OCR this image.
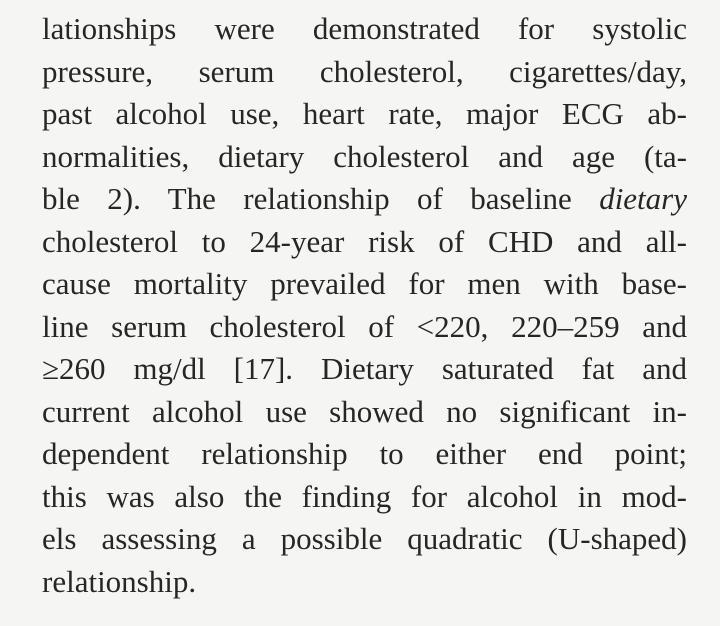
lationships were demonstrated for systolic
pressure, serum cholesterol, cigarettes/day,
past alcohol use, heart rate, major ECG ab-
normalities, dietary cholesterol and age (ta-
ble 2). The relationship of baseline dietary
cholesterol to 24-year risk of CHD and all-
cause mortality prevailed for men with base-
line serum cholesterol of <220, 220–259 and
≥260 mg/dl [17]. Dietary saturated fat and
current alcohol use showed no significant in-
dependent relationship to either end point;
this was also the finding for alcohol in mod-
els assessing a possible quadratic (U-shaped)
relationship.
